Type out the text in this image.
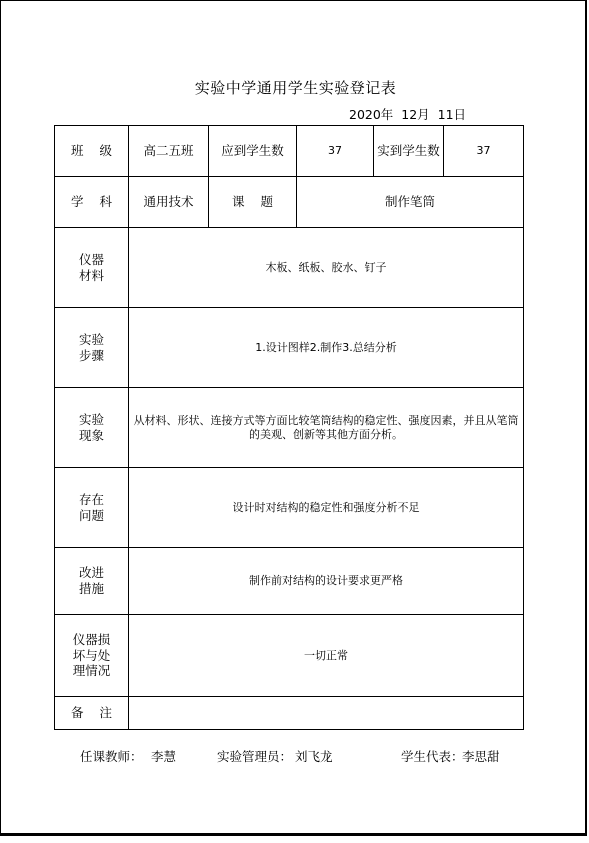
实验中学通用学生实验登记表
2020年  12月  11日
班    级	高二五班	应到学生数	37	实到学生数	37
学    科	通用技术	课    题	制作笔筒		
仪器
材料	木板、纸板、胶水、钉子				
实验
步骤	1.设计图样2.制作3.总结分析				
实验
现象	从材料、形状、连接方式等方面比较笔筒结构的稳定性、强度因素，并且从笔筒的美观、创新等其他方面分析。				
存在
问题	设计时对结构的稳定性和强度分析不足				
改进
措施	制作前对结构的设计要求更严格				
仪器损
坏与处
理情况	一切正常				
备    注					
任课教师： 李慧	实验管理员： 刘飞龙	学生代表：
李思甜
